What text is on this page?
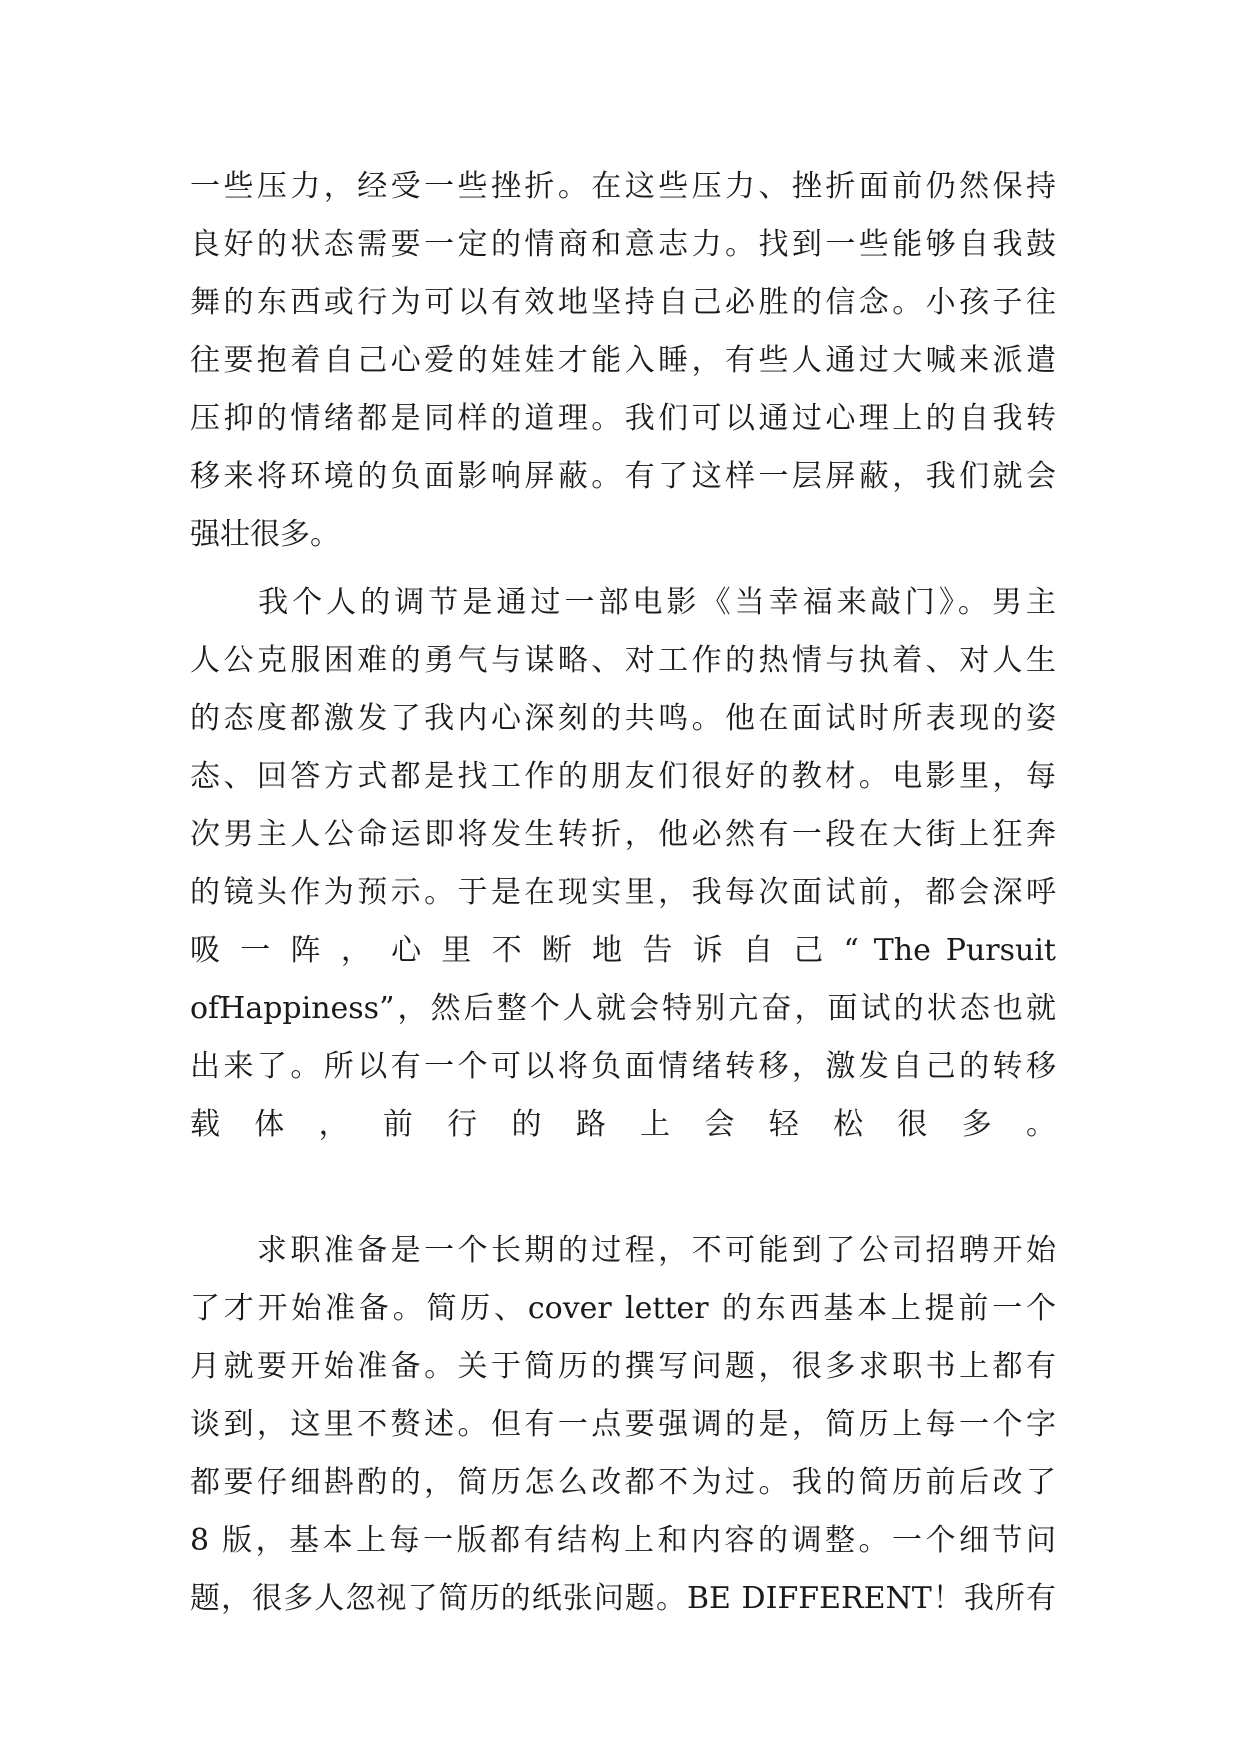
一些压力，经受一些挫折。在这些压力、挫折面前仍然保持
良好的状态需要一定的情商和意志力。找到一些能够自我鼓
舞的东西或行为可以有效地坚持自己必胜的信念。小孩子往
往要抱着自己心爱的娃娃才能入睡，有些人通过大喊来派遣
压抑的情绪都是同样的道理。我们可以通过心理上的自我转
移来将环境的负面影响屏蔽。有了这样一层屏蔽，我们就会
强壮很多。
　　我个人的调节是通过一部电影《当幸福来敲门》。男主
人公克服困难的勇气与谋略、对工作的热情与执着、对人生
的态度都激发了我内心深刻的共鸣。他在面试时所表现的姿
态、回答方式都是找工作的朋友们很好的教材。电影里，每
次男主人公命运即将发生转折，他必然有一段在大街上狂奔
的镜头作为预示。于是在现实里，我每次面试前，都会深呼
吸 一 阵 ， 心 里 不 断 地 告 诉 自 己 “ The Pursuit
ofHappiness”，然后整个人就会特别亢奋，面试的状态也就
出来了。所以有一个可以将负面情绪转移，激发自己的转移
载体，前行的路上会轻松很多。
　　求职准备是一个长期的过程，不可能到了公司招聘开始
了才开始准备。简历、cover letter 的东西基本上提前一个
月就要开始准备。关于简历的撰写问题，很多求职书上都有
谈到，这里不赘述。但有一点要强调的是，简历上每一个字
都要仔细斟酌的，简历怎么改都不为过。我的简历前后改了
8 版，基本上每一版都有结构上和内容的调整。一个细节问
题，很多人忽视了简历的纸张问题。BE DIFFERENT！我所有
